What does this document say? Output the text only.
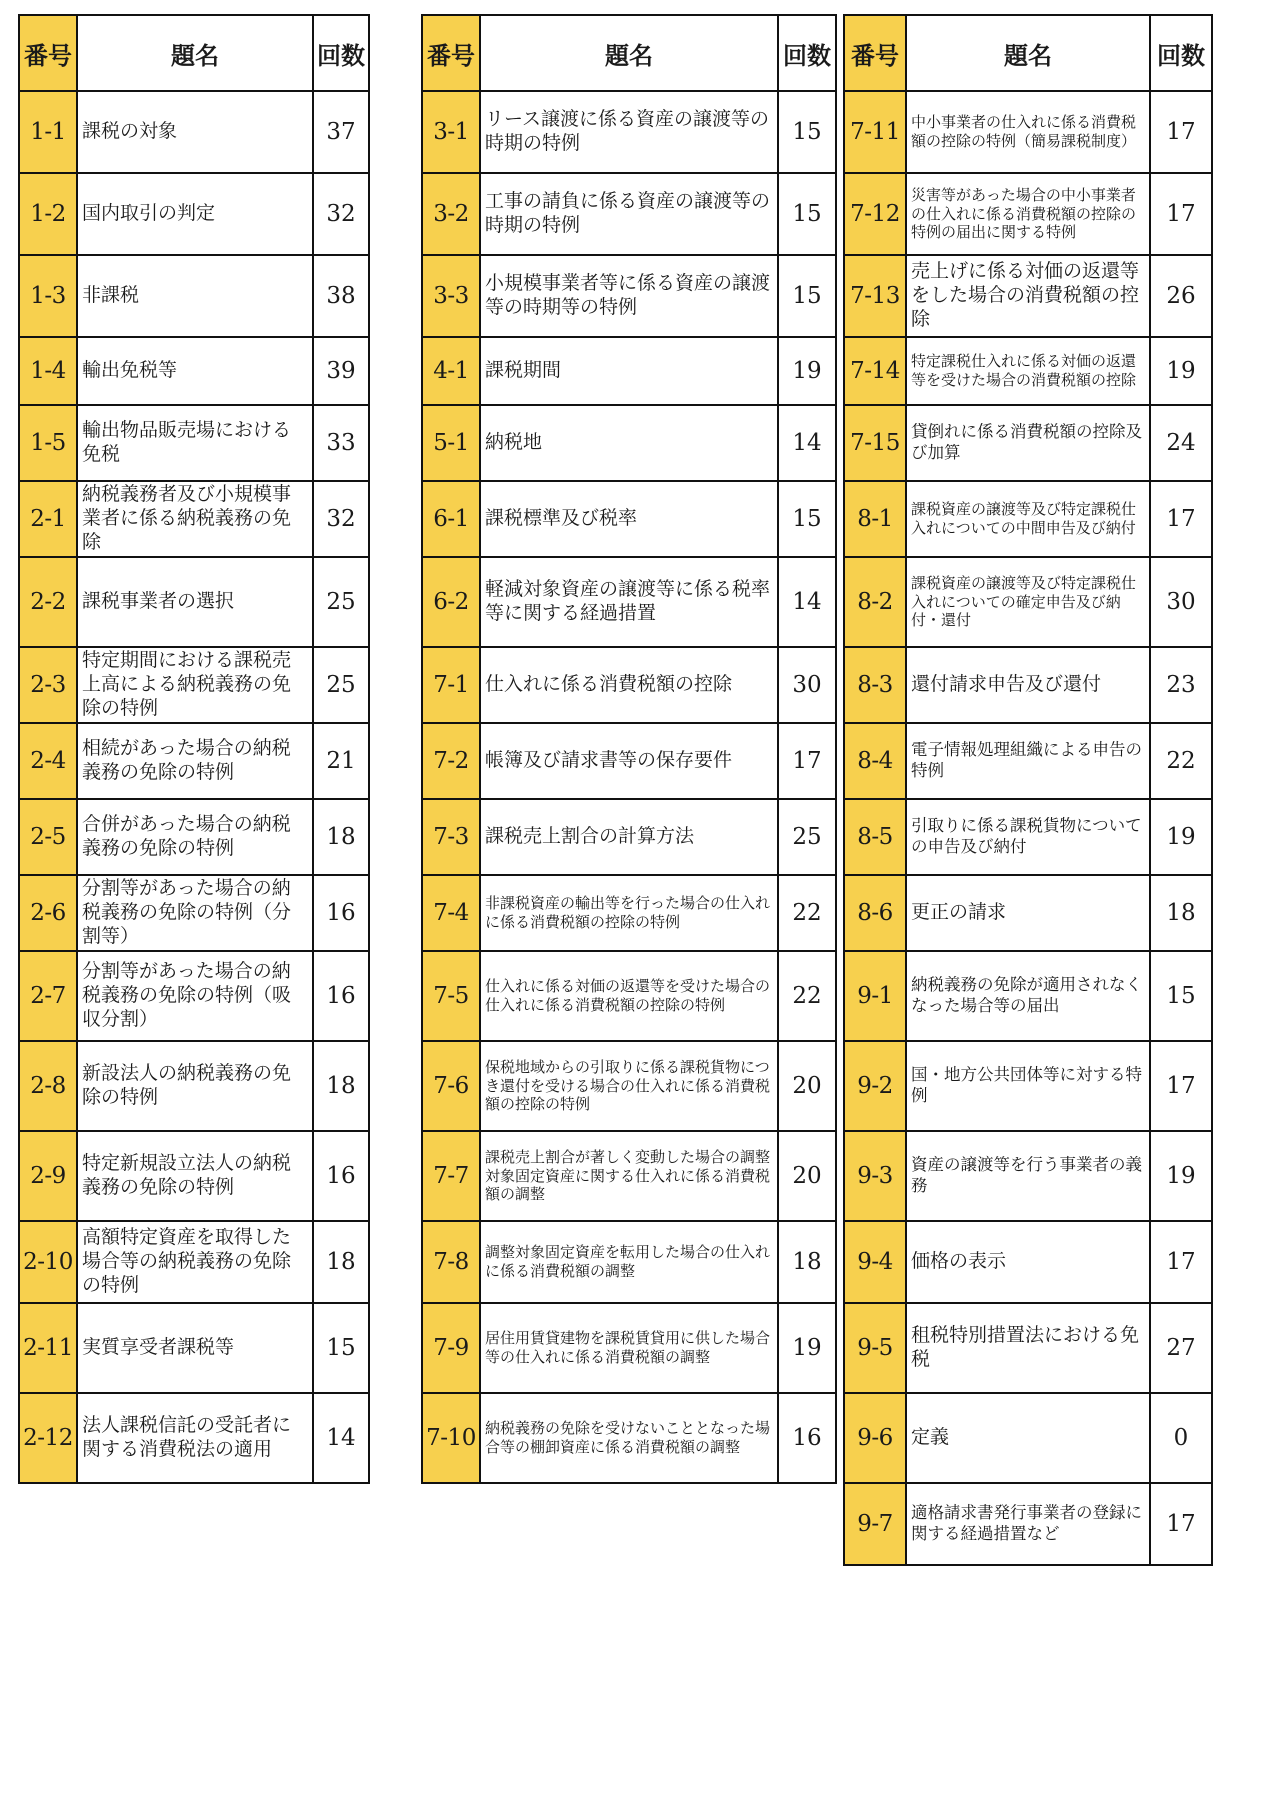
番号	題名	回数
1-1	課税の対象	37
1-2	国内取引の判定	32
1-3	非課税	38
1-4	輸出免税等	39
1-5	輸出物品販売場における免税	33
2-1	納税義務者及び小規模事業者に係る納税義務の免除	32
2-2	課税事業者の選択	25
2-3	特定期間における課税売上高による納税義務の免除の特例	25
2-4	相続があった場合の納税義務の免除の特例	21
2-5	合併があった場合の納税義務の免除の特例	18
2-6	分割等があった場合の納税義務の免除の特例（分割等）	16
2-7	分割等があった場合の納税義務の免除の特例（吸収分割）	16
2-8	新設法人の納税義務の免除の特例	18
2-9	特定新規設立法人の納税義務の免除の特例	16
2-10	高額特定資産を取得した場合等の納税義務の免除の特例	18
2-11	実質享受者課税等	15
2-12	法人課税信託の受託者に関する消費税法の適用	14
番号	題名	回数
3-1	リース譲渡に係る資産の譲渡等の時期の特例	15
3-2	工事の請負に係る資産の譲渡等の時期の特例	15
3-3	小規模事業者等に係る資産の譲渡等の時期等の特例	15
4-1	課税期間	19
5-1	納税地	14
6-1	課税標準及び税率	15
6-2	軽減対象資産の譲渡等に係る税率等に関する経過措置	14
7-1	仕入れに係る消費税額の控除	30
7-2	帳簿及び請求書等の保存要件	17
7-3	課税売上割合の計算方法	25
7-4	非課税資産の輸出等を行った場合の仕入れに係る消費税額の控除の特例	22
7-5	仕入れに係る対価の返還等を受けた場合の仕入れに係る消費税額の控除の特例	22
7-6	保税地域からの引取りに係る課税貨物につき還付を受ける場合の仕入れに係る消費税額の控除の特例	20
7-7	課税売上割合が著しく変動した場合の調整対象固定資産に関する仕入れに係る消費税額の調整	20
7-8	調整対象固定資産を転用した場合の仕入れに係る消費税額の調整	18
7-9	居住用賃貸建物を課税賃貸用に供した場合等の仕入れに係る消費税額の調整	19
7-10	納税義務の免除を受けないこととなった場合等の棚卸資産に係る消費税額の調整	16
番号	題名	回数
7-11	中小事業者の仕入れに係る消費税額の控除の特例（簡易課税制度）	17
7-12	災害等があった場合の中小事業者の仕入れに係る消費税額の控除の特例の届出に関する特例	17
7-13	売上げに係る対価の返還等をした場合の消費税額の控除	26
7-14	特定課税仕入れに係る対価の返還等を受けた場合の消費税額の控除	19
7-15	貸倒れに係る消費税額の控除及び加算	24
8-1	課税資産の譲渡等及び特定課税仕入れについての中間申告及び納付	17
8-2	課税資産の譲渡等及び特定課税仕入れについての確定申告及び納付・還付	30
8-3	還付請求申告及び還付	23
8-4	電子情報処理組織による申告の特例	22
8-5	引取りに係る課税貨物についての申告及び納付	19
8-6	更正の請求	18
9-1	納税義務の免除が適用されなくなった場合等の届出	15
9-2	国・地方公共団体等に対する特例	17
9-3	資産の譲渡等を行う事業者の義務	19
9-4	価格の表示	17
9-5	租税特別措置法における免税	27
9-6	定義	0
9-7	適格請求書発行事業者の登録に関する経過措置など	17
